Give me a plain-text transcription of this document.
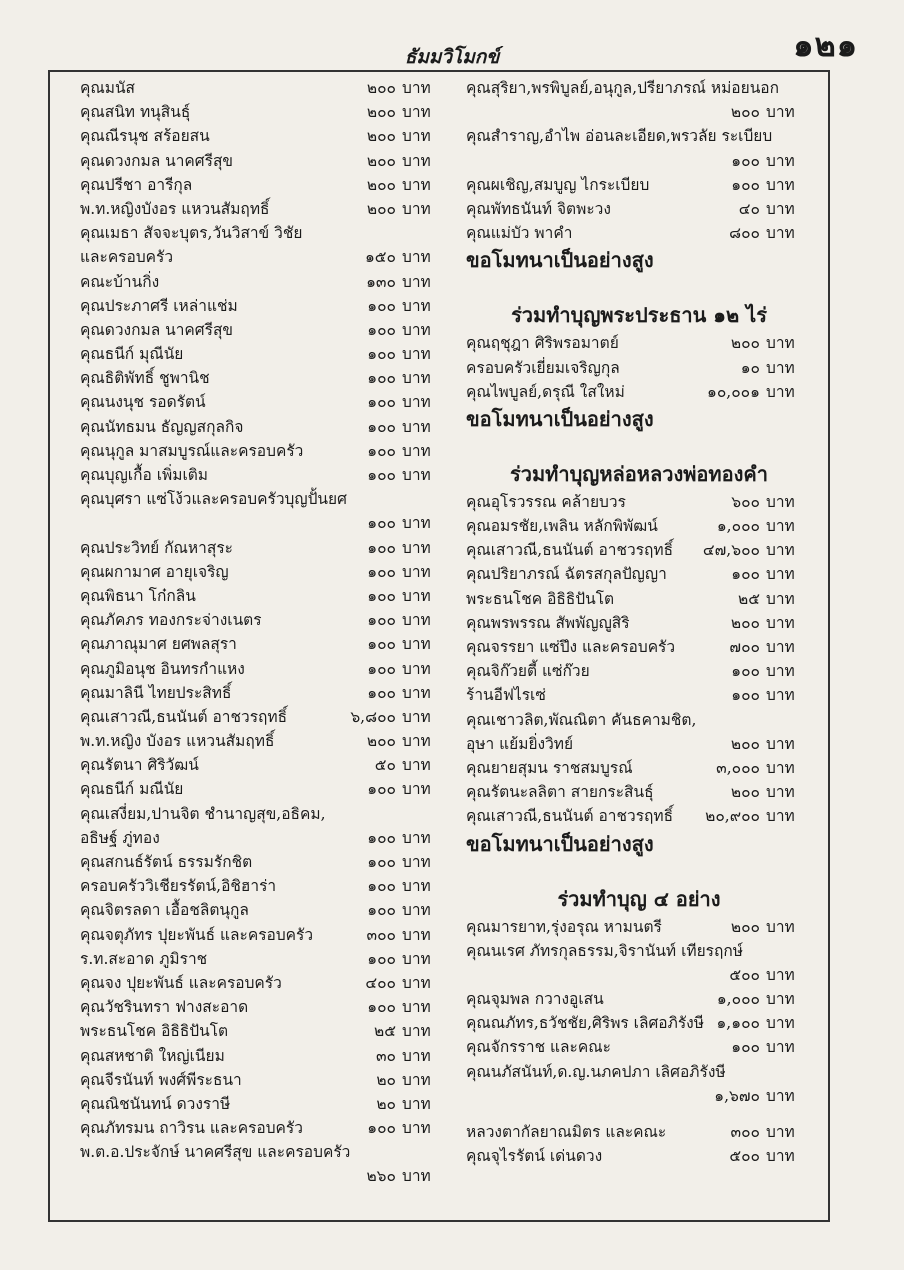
๑๒๑
ธัมมวิโมกข์
คุณมนัส	๒๐๐ บาท
คุณสนิท ทนุสินธุ์	๒๐๐ บาท
คุณณีรนุช สร้อยสน	๒๐๐ บาท
คุณดวงกมล นาคศรีสุข	๒๐๐ บาท
คุณปรีชา อารีกุล	๒๐๐ บาท
พ.ท.หญิงบังอร แหวนสัมฤทธิ์	๒๐๐ บาท
คุณเมธา สัจจะบุตร,วันวิสาข์ วิชัย
และครอบครัว	๑๕๐ บาท
คณะบ้านกิ่ง	๑๓๐ บาท
คุณประภาศรี เหล่าแช่ม	๑๐๐ บาท
คุณดวงกมล นาคศรีสุข	๑๐๐ บาท
คุณธนีก์ มุณีนัย	๑๐๐ บาท
คุณธิติพัทธิ์ ชูพานิช	๑๐๐ บาท
คุณนงนุช รอดรัตน์	๑๐๐ บาท
คุณนัทธมน ธัญญสกุลกิจ	๑๐๐ บาท
คุณนุกูล มาสมบูรณ์และครอบครัว	๑๐๐ บาท
คุณบุญเกื้อ เพิ่มเติม	๑๐๐ บาท
คุณบุศรา แซ่โง้วและครอบครัวบุญปั้นยศ
๑๐๐ บาท
คุณประวิทย์ กัณหาสุระ	๑๐๐ บาท
คุณผกามาศ อายุเจริญ	๑๐๐ บาท
คุณพิธนา โก๋กลิน	๑๐๐ บาท
คุณภัคภร ทองกระจ่างเนตร	๑๐๐ บาท
คุณภาณุมาศ ยศพลสุรา	๑๐๐ บาท
คุณภูมิอนุช อินทรกำแหง	๑๐๐ บาท
คุณมาลินี ไทยประสิทธิ์	๑๐๐ บาท
คุณเสาวณี,ธนนันต์ อาชวรฤทธิ์	๖,๘๐๐ บาท
พ.ท.หญิง บังอร แหวนสัมฤทธิ์	๒๐๐ บาท
คุณรัตนา ศิริวัฒน์	๕๐ บาท
คุณธนีก์ มณีนัย	๑๐๐ บาท
คุณเสงี่ยม,ปานจิต ชำนาญสุข,อธิคม,
อธิษฐ์ ภู่ทอง	๑๐๐ บาท
คุณสกนธ์รัตน์ ธรรมรักชิต	๑๐๐ บาท
ครอบครัววิเชียรรัตน์,อิชิฮาร่า	๑๐๐ บาท
คุณจิตรลดา เอื้อชลิตนุกูล	๑๐๐ บาท
คุณจตุภัทร ปุยะพันธ์ และครอบครัว	๓๐๐ บาท
ร.ท.สะอาด ภูมิราช	๑๐๐ บาท
คุณจง ปุยะพันธ์ และครอบครัว	๔๐๐ บาท
คุณวัชรินทรา ฟางสะอาด	๑๐๐ บาท
พระธนโชค อิธิธิปันโต	๒๕ บาท
คุณสหชาติ ใหญ่เนียม	๓๐ บาท
คุณจีรนันท์ พงศ์พีระธนา	๒๐ บาท
คุณณิชนันทน์ ดวงราษี	๒๐ บาท
คุณภัทรมน ถาวิรน และครอบครัว	๑๐๐ บาท
พ.ต.อ.ประจักษ์ นาคศรีสุข และครอบครัว
๒๖๐ บาท
คุณสุริยา,พรพิบูลย์,อนุกูล,ปรียาภรณ์ หม่อยนอก
๒๐๐ บาท
คุณสำราญ,อำไพ อ่อนละเอียด,พรวลัย ระเบียบ
๑๐๐ บาท
คุณผเชิญ,สมบูญ ไกระเบียบ	๑๐๐ บาท
คุณพัทธนันท์ จิตพะวง	๔๐ บาท
คุณแม่บัว พาคำ	๘๐๐ บาท
ขอโมทนาเป็นอย่างสูง
ร่วมทำบุญพระประธาน ๑๒ ไร่
คุณฤชุฎา ศิริพรอมาตย์	๒๐๐ บาท
ครอบครัวเยี่ยมเจริญกุล	๑๐ บาท
คุณไพบูลย์,ดรุณี ใสใหม่	๑๐,๐๐๑ บาท
ขอโมทนาเป็นอย่างสูง
ร่วมทำบุญหล่อหลวงพ่อทองคำ
คุณอุโรวรรณ คล้ายบวร	๖๐๐ บาท
คุณอมรชัย,เพลิน หลักพิพัฒน์	๑,๐๐๐ บาท
คุณเสาวณี,ธนนันต์ อาชวรฤทธิ์ ๔๗,๖๐๐ บาท
คุณปริยาภรณ์ ฉัตรสกุลปัญญา	๑๐๐ บาท
พระธนโชค อิธิธิปันโต	๒๕ บาท
คุณพรพรรณ สัพพัญญูสิริ	๒๐๐ บาท
คุณจรรยา แซ่ปึง และครอบครัว	๗๐๐ บาท
คุณจิก๊วยตี้ แซ่ก๊วย	๑๐๐ บาท
ร้านอีฟไรเซ่	๑๐๐ บาท
คุณเชาวลิต,พัณณิตา คันธคามชิต,
อุษา แย้มยิ่งวิทย์	๒๐๐ บาท
คุณยายสุมน ราชสมบูรณ์	๓,๐๐๐ บาท
คุณรัตนะลลิตา สายกระสินธุ์	๒๐๐ บาท
คุณเสาวณี,ธนนันต์ อาชวรฤทธิ์ ๒๐,๙๐๐ บาท
ขอโมทนาเป็นอย่างสูง
ร่วมทำบุญ ๔ อย่าง
คุณมารยาท,รุ่งอรุณ หามนตรี	๒๐๐ บาท
คุณนเรศ ภัทรกุลธรรม,จิรานันท์ เทียรฤกษ์
๕๐๐ บาท
คุณจุมพล กวางอูเสน	๑,๐๐๐ บาท
คุณณภัทร,ธวัชชัย,ศิริพร เลิศอภิรังษี ๑,๑๐๐ บาท
คุณจักรราช และคณะ	๑๐๐ บาท
คุณนภัสนันท์,ด.ญ.นภคปภา เลิศอภิรังษี
๑,๖๗๐ บาท
หลวงตากัลยาณมิตร และคณะ	๓๐๐ บาท
คุณจุไรรัตน์ เด่นดวง	๕๐๐ บาท
